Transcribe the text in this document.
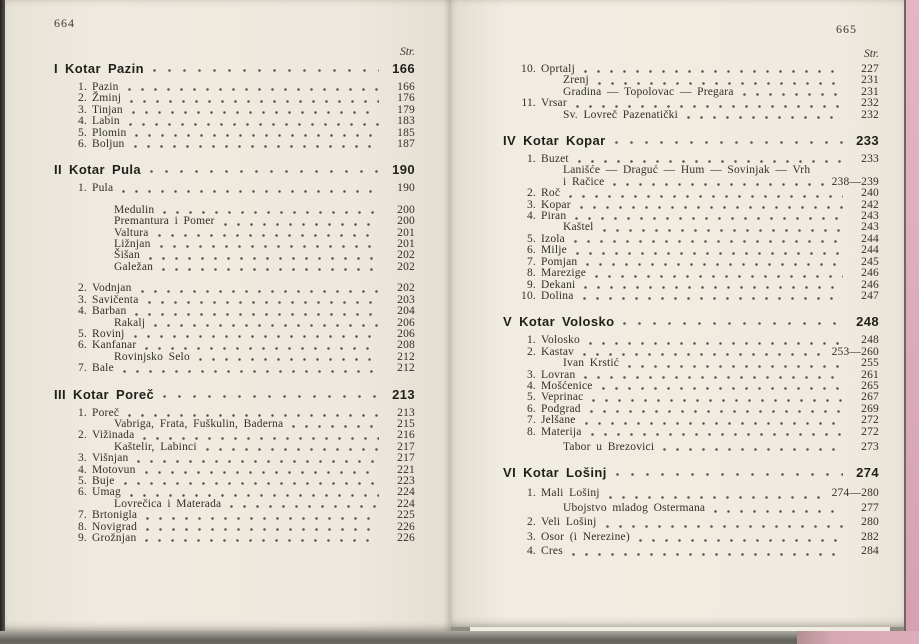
664
Str.
I Kotar Pazin	166
1. Pazin	166
2. Žminj	176
3. Tinjan	179
4. Labin	183
5. Plomin	185
6. Boljun	187
II Kotar Pula	190
1. Pula	190
Medulin	200
Premantura i Pomer	200
Valtura	201
Ližnjan	201
Šišan	202
Galežan	202
2. Vodnjan	202
3. Savičenta	203
4. Barban	204
Rakalj	206
5. Rovinj	206
6. Kanfanar	208
Rovinjsko Selo	212
7. Bale	212
III Kotar Poreč	213
1. Poreč	213
Vabriga, Frata, Fuškulin, Baderna	215
2. Vižinada	216
Kaštelir, Labinci	217
3. Višnjan	217
4. Motovun	221
5. Buje	223
6. Umag	224
Lovrečica i Materada	224
7. Brtonigla	225
8. Novigrad	226
9. Grožnjan	226
665
Str.
10. Oprtalj	227
Zrenj	231
Gradina — Topolovac — Pregara	231
11. Vrsar	232
Sv. Lovreč Pazenatički	232
IV Kotar Kopar	233
1. Buzet	233
Lanišće — Draguć — Hum — Sovinjak — Vrh
i Račice	238—239
2. Roč	240
3. Kopar	242
4. Piran	243
Kaštel	243
5. Izola	244
6. Milje	244
7. Pomjan	245
8. Marezige	246
9. Dekani	246
10. Dolina	247
V Kotar Volosko	248
1. Volosko	248
2. Kastav	253—260
Ivan Krstić	255
3. Lovran	261
4. Mošćenice	265
5. Veprinac	267
6. Podgrad	269
7. Jelšane	272
8. Materija	272
Tabor u Brezovici	273
VI Kotar Lošinj	274
1. Mali Lošinj	274—280
Ubojstvo mladog Ostermana	277
2. Veli Lošinj	280
3. Osor (i Nerezine)	282
4. Cres	284
